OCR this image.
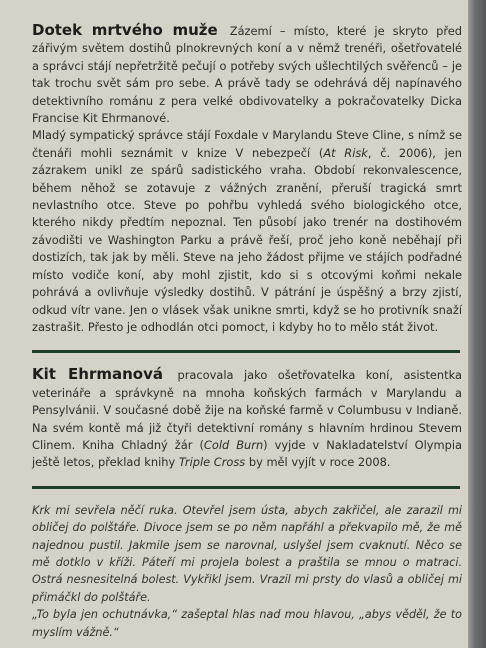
Dotek mrtvého muže Zázemí – místo, které je skryto před zářivým světem dostihů plnokrevných koní a v němž trenéři, ošetřovatelé a správci stájí nepřetržitě pečují o potřeby svých ušlechtilých svěřenců – je tak trochu svět sám pro sebe. A právě tady se odehrává děj napínavého detektivního románu z pera velké obdivovatelky a pokračovatelky Dicka Francise Kit Ehrmanové.

Mladý sympatický správce stájí Foxdale v Marylandu Steve Cline, s nímž se čtenáři mohli seznámit v knize V nebezpečí (At Risk, č. 2006), jen zázrakem unikl ze spárů sadistického vraha. Období rekonvalescence, během něhož se zotavuje z vážných zranění, přeruší tragická smrt nevlastního otce. Steve po pohřbu vyhledá svého biologického otce, kterého nikdy předtím nepoznal. Ten působí jako trenér na dostihovém závodišti ve Washington Parku a právě řeší, proč jeho koně neběhají při dostizích, tak jak by měli. Steve na jeho žádost přijme ve stájích podřadné místo vodiče koní, aby mohl zjistit, kdo si s otcovými koňmi nekale pohrává a ovlivňuje výsledky dostihů. V pátrání je úspěšný a brzy zjistí, odkud vítr vane. Jen o vlásek však unikne smrti, když se ho protivník snaží zastrašit. Přesto je odhodlán otci pomoct, i kdyby ho to mělo stát život.

Kit Ehrmanová pracovala jako ošetřovatelka koní, asistentka veterináře a správkyně na mnoha koňských farmách v Marylandu a Pensylvánii. V současné době žije na koňské farmě v Columbusu v Indianě. Na svém kontě má již čtyři detektivní romány s hlavním hrdinou Stevem Clinem. Kniha Chladný žár (Cold Burn) vyjde v Nakladatelství Olympia ještě letos, překlad knihy Triple Cross by měl vyjít v roce 2008.

Krk mi sevřela něčí ruka. Otevřel jsem ústa, abych zakřičel, ale zarazil mi obličej do polštáře. Divoce jsem se po něm napřáhl a překvapilo mě, že mě najednou pustil. Jakmile jsem se narovnal, uslyšel jsem cvaknutí. Něco se mě dotklo v kříži. Páteří mi projela bolest a praštila se mnou o matraci. Ostrá nesnesitelná bolest. Vykřikl jsem. Vrazil mi prsty do vlasů a obličej mi přimáčkl do polštáře.

„To byla jen ochutnávka,“ zašeptal hlas nad mou hlavou, „abys věděl, že to myslím vážně.“
